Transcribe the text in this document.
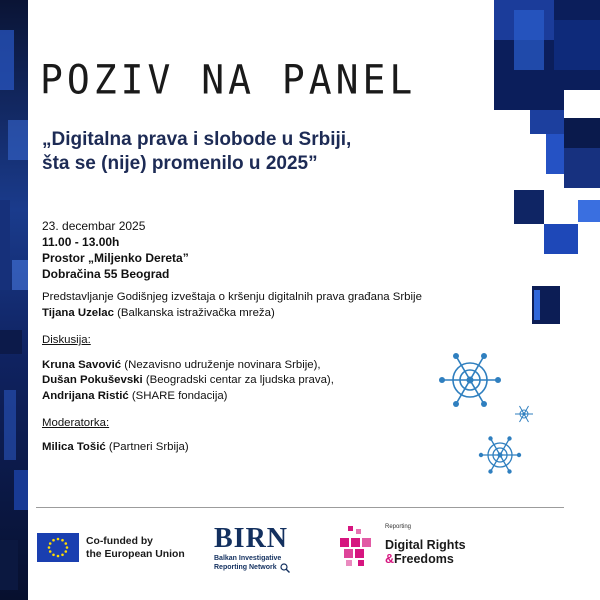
POZIV NA PANEL
„Digitalna prava i slobode u Srbiji,
šta se (nije) promenilo u 2025”
23. decembar 2025
11.00 - 13.00h
Prostor „Miljenko Dereta”
Dobračina 55 Beograd
Predstavljanje Godišnjeg izveštaja o kršenju digitalnih prava građana Srbije
Tijana Uzelac (Balkanska istraživačka mreža)
Diskusija:
Kruna Savović (Nezavisno udruženje novinara Srbije),
Dušan Pokuševski (Beogradski centar za ljudska prava),
Andrijana Ristić (SHARE fondacija)
Moderatorka:
Milica Tošić (Partneri Srbija)
Co-funded by
the European Union
BIRN
Balkan Investigative
Reporting Network
Reporting
Digital Rights
&Freedoms
